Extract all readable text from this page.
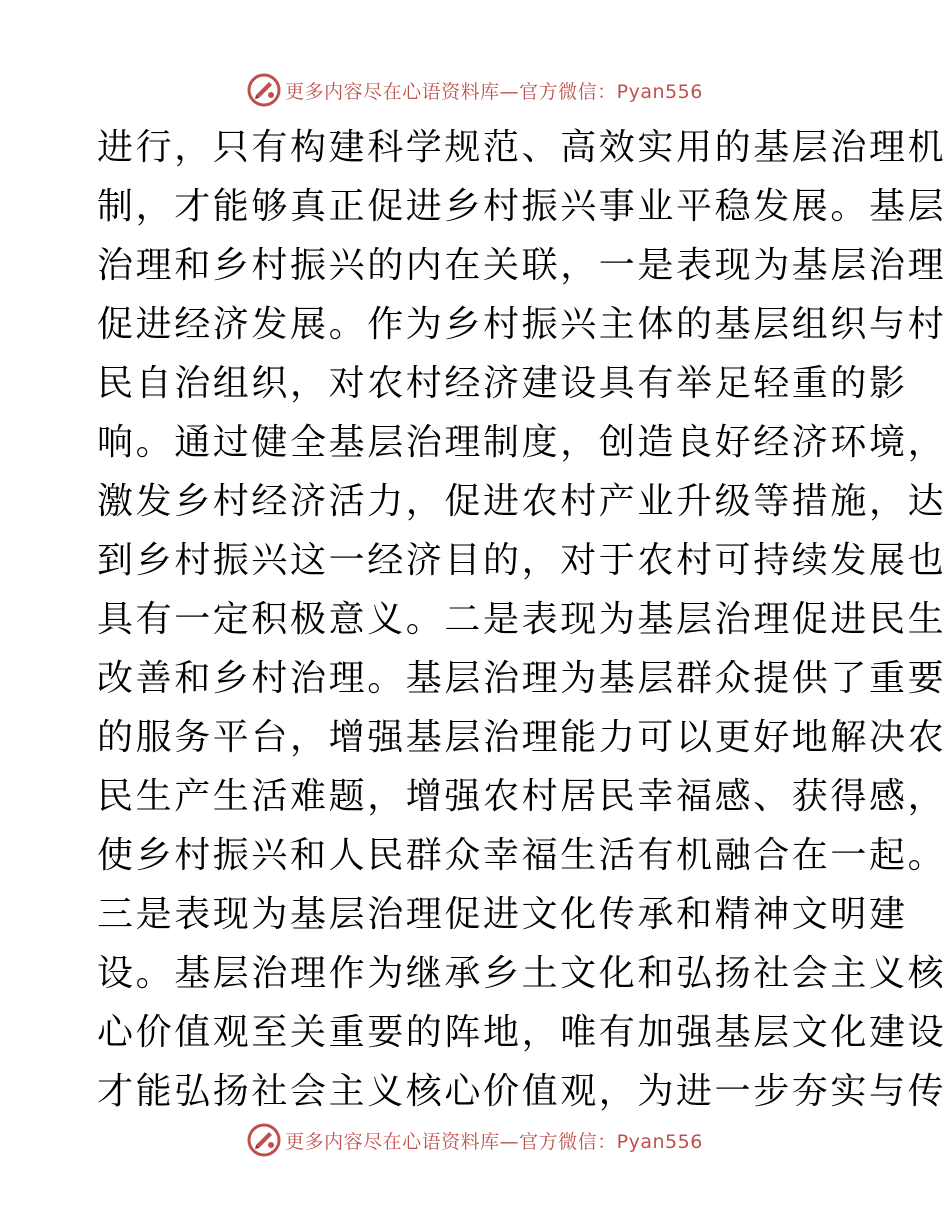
更多内容尽在心语资料库—官方微信：Pyan556
进行，只有构建科学规范、高效实用的基层治理机
制，才能够真正促进乡村振兴事业平稳发展。基层
治理和乡村振兴的内在关联，一是表现为基层治理
促进经济发展。作为乡村振兴主体的基层组织与村
民自治组织，对农村经济建设具有举足轻重的影
响。通过健全基层治理制度，创造良好经济环境，
激发乡村经济活力，促进农村产业升级等措施，达
到乡村振兴这一经济目的，对于农村可持续发展也
具有一定积极意义。二是表现为基层治理促进民生
改善和乡村治理。基层治理为基层群众提供了重要
的服务平台，增强基层治理能力可以更好地解决农
民生产生活难题，增强农村居民幸福感、获得感，
使乡村振兴和人民群众幸福生活有机融合在一起。
三是表现为基层治理促进文化传承和精神文明建
设。基层治理作为继承乡土文化和弘扬社会主义核
心价值观至关重要的阵地，唯有加强基层文化建设
才能弘扬社会主义核心价值观，为进一步夯实与传
更多内容尽在心语资料库—官方微信：Pyan556
